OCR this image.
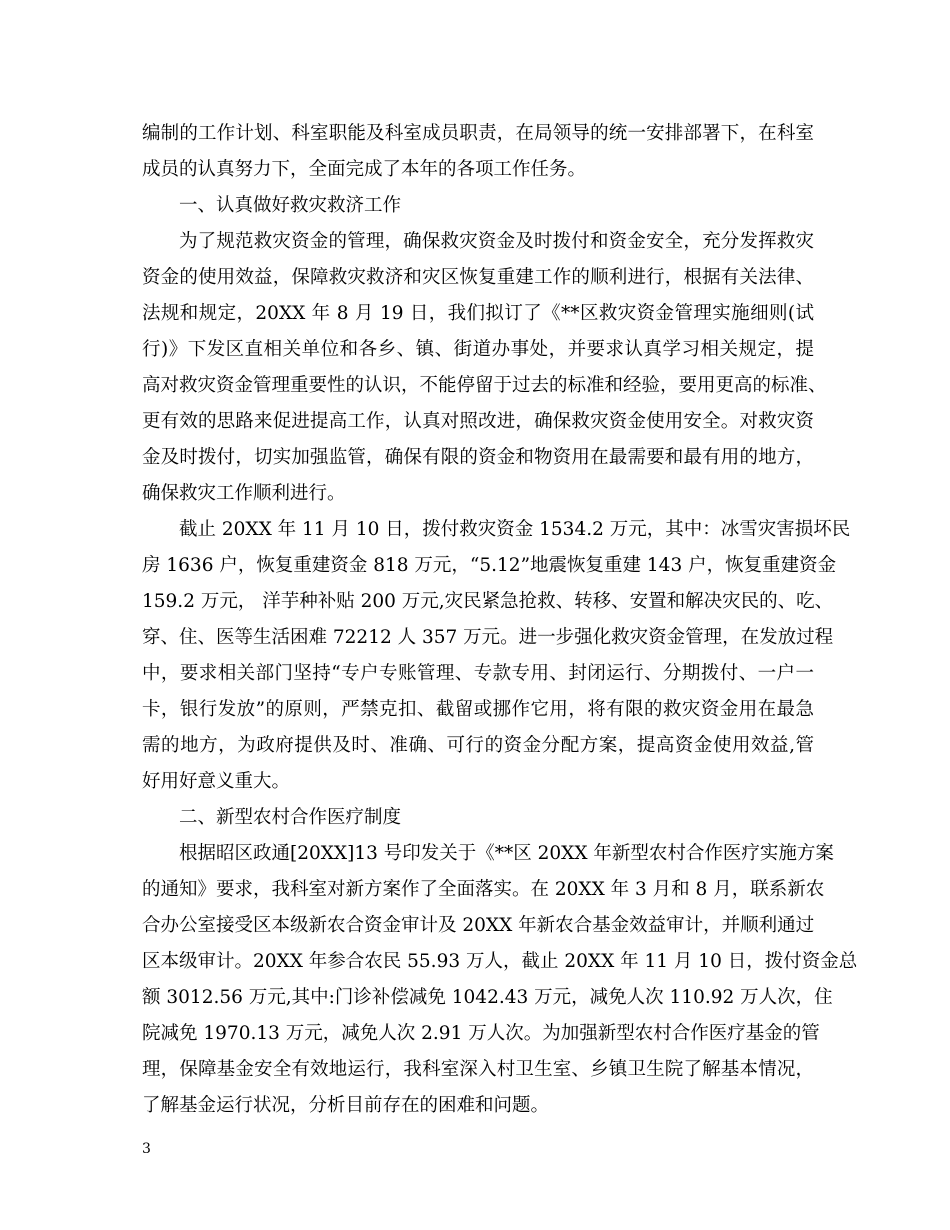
编制的工作计划、科室职能及科室成员职责，在局领导的统一安排部署下，在科室
成员的认真努力下，全面完成了本年的各项工作任务。
一、认真做好救灾救济工作
为了规范救灾资金的管理，确保救灾资金及时拨付和资金安全，充分发挥救灾
资金的使用效益，保障救灾救济和灾区恢复重建工作的顺利进行，根据有关法律、
法规和规定，20XX 年 8 月 19 日，我们拟订了《**区救灾资金管理实施细则(试
行)》下发区直相关单位和各乡、镇、街道办事处，并要求认真学习相关规定，提
高对救灾资金管理重要性的认识，不能停留于过去的标准和经验，要用更高的标准、
更有效的思路来促进提高工作，认真对照改进，确保救灾资金使用安全。对救灾资
金及时拨付，切实加强监管，确保有限的资金和物资用在最需要和最有用的地方，
确保救灾工作顺利进行。
截止 20XX 年 11 月 10 日，拨付救灾资金 1534.2 万元，其中：冰雪灾害损坏民
房 1636 户，恢复重建资金 818 万元，“5.12”地震恢复重建 143 户，恢复重建资金
159.2 万元， 洋芋种补贴 200 万元,灾民紧急抢救、转移、安置和解决灾民的、吃、
穿、住、医等生活困难 72212 人 357 万元。进一步强化救灾资金管理，在发放过程
中，要求相关部门坚持“专户专账管理、专款专用、封闭运行、分期拨付、一户一
卡，银行发放”的原则，严禁克扣、截留或挪作它用，将有限的救灾资金用在最急
需的地方，为政府提供及时、准确、可行的资金分配方案，提高资金使用效益,管
好用好意义重大。
二、新型农村合作医疗制度
根据昭区政通[20XX]13 号印发关于《**区 20XX 年新型农村合作医疗实施方案
的通知》要求，我科室对新方案作了全面落实。在 20XX 年 3 月和 8 月，联系新农
合办公室接受区本级新农合资金审计及 20XX 年新农合基金效益审计，并顺利通过
区本级审计。20XX 年参合农民 55.93 万人，截止 20XX 年 11 月 10 日，拨付资金总
额 3012.56 万元,其中:门诊补偿减免 1042.43 万元，减免人次 110.92 万人次，住
院减免 1970.13 万元，减免人次 2.91 万人次。为加强新型农村合作医疗基金的管
理，保障基金安全有效地运行，我科室深入村卫生室、乡镇卫生院了解基本情况，
了解基金运行状况，分析目前存在的困难和问题。
3
